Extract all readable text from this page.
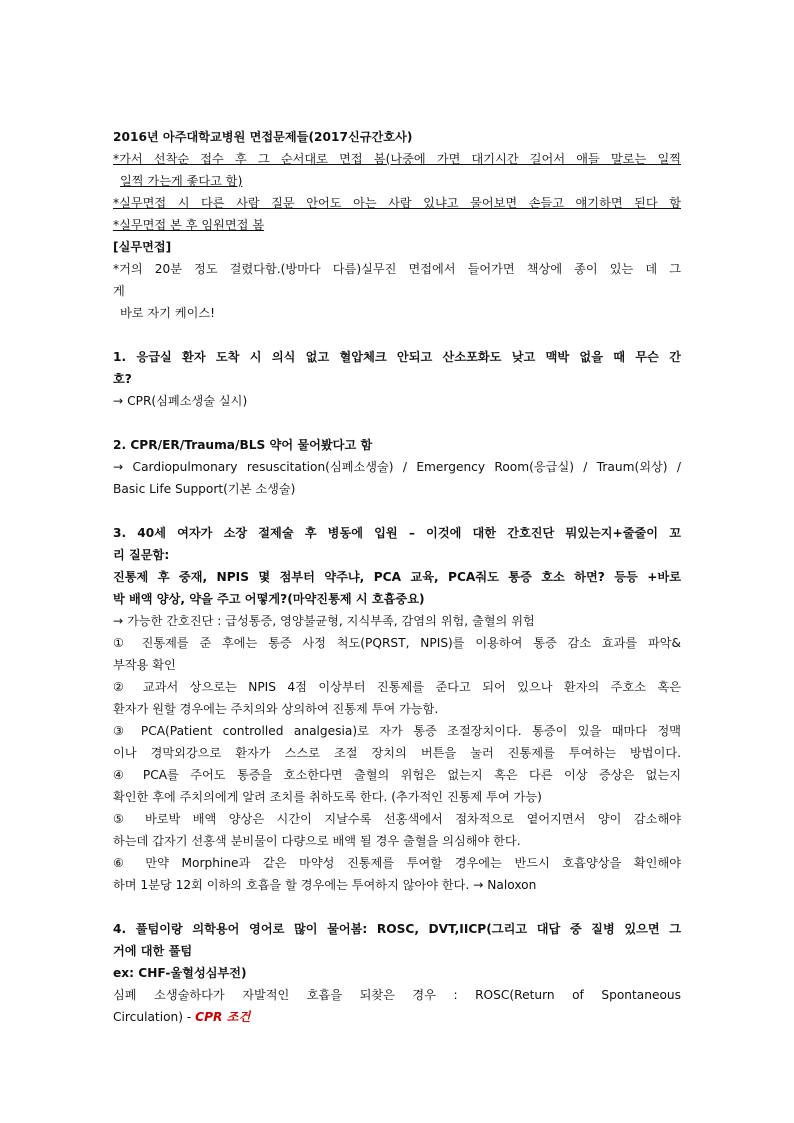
2016년 아주대학교병원 면접문제들(2017신규간호사)
*가서 선착순 접수 후 그 순서대로 면접 봄(나중에 가면 대기시간 길어서 애들 말로는 일찍
일찍 가는게 좋다고 함)
*실무면접 시 다른 사람 질문 안어도 아는 사람 있냐고 물어보면 손들고 얘기하면 된다 함
*실무면접 본 후 임원면접 봄
[실무면접]
*거의 20분 정도 걸렸다함.(방마다 다름)실무진 면접에서 들어가면 책상에 종이 있는 데 그
게
바로 자기 케이스!
1. 응급실 환자 도착 시 의식 없고 혈압체크 안되고 산소포화도 낮고 맥박 없을 때 무슨 간
호?
→ CPR(심폐소생술 실시)
2. CPR/ER/Trauma/BLS 약어 물어봤다고 함
→ Cardiopulmonary resuscitation(심폐소생술) / Emergency Room(응급실) / Traum(외상) /
Basic Life Support(기본 소생술)
3. 40세 여자가 소장 절제술 후 병동에 입원 – 이것에 대한 간호진단 뭐있는지+줄줄이 꼬
리 질문함:
진통제 후 중재, NPIS 몇 점부터 약주냐, PCA 교육, PCA줘도 통증 호소 하면? 등등 +바로
박 배액 양상, 약을 주고 어떻게?(마약진통제 시 호흡중요)
→ 가능한 간호진단 : 급성통증, 영양불균형, 지식부족, 감염의 위험, 출혈의 위험
① 진통제를 준 후에는 통증 사정 척도(PQRST, NPIS)를 이용하여 통증 감소 효과를 파악&
부작용 확인
② 교과서 상으로는 NPIS 4점 이상부터 진통제를 준다고 되어 있으나 환자의 주호소 혹은
환자가 원할 경우에는 주치의와 상의하여 진통제 투여 가능함.
③ PCA(Patient controlled analgesia)로 자가 통증 조절장치이다. 통증이 있을 때마다 정맥
이나 경막외강으로 환자가 스스로 조절 장치의 버튼을 눌러 진통제를 투여하는 방법이다.
④ PCA를 주어도 통증을 호소한다면 출혈의 위험은 없는지 혹은 다른 이상 증상은 없는지
확인한 후에 주치의에게 알려 조치를 취하도록 한다. (추가적인 진통제 투여 가능)
⑤ 바로박 배액 양상은 시간이 지날수록 선홍색에서 점차적으로 옅어지면서 양이 감소해야
하는데 갑자기 선홍색 분비물이 다량으로 배액 될 경우 출혈을 의심해야 한다.
⑥ 만약 Morphine과 같은 마약성 진통제를 투여할 경우에는 반드시 호흡양상을 확인해야
하며 1분당 12회 이하의 호흡을 할 경우에는 투여하지 않아야 한다. → Naloxon
4. 풀텀이랑 의학용어 영어로 많이 물어봄: ROSC, DVT,IICP(그리고 대답 중 질병 있으면 그
거에 대한 풀텀
ex: CHF-울혈성심부전)
심폐 소생술하다가 자발적인 호흡을 되찾은 경우 : ROSC(Return of Spontaneous
Circulation) - CPR 조건
